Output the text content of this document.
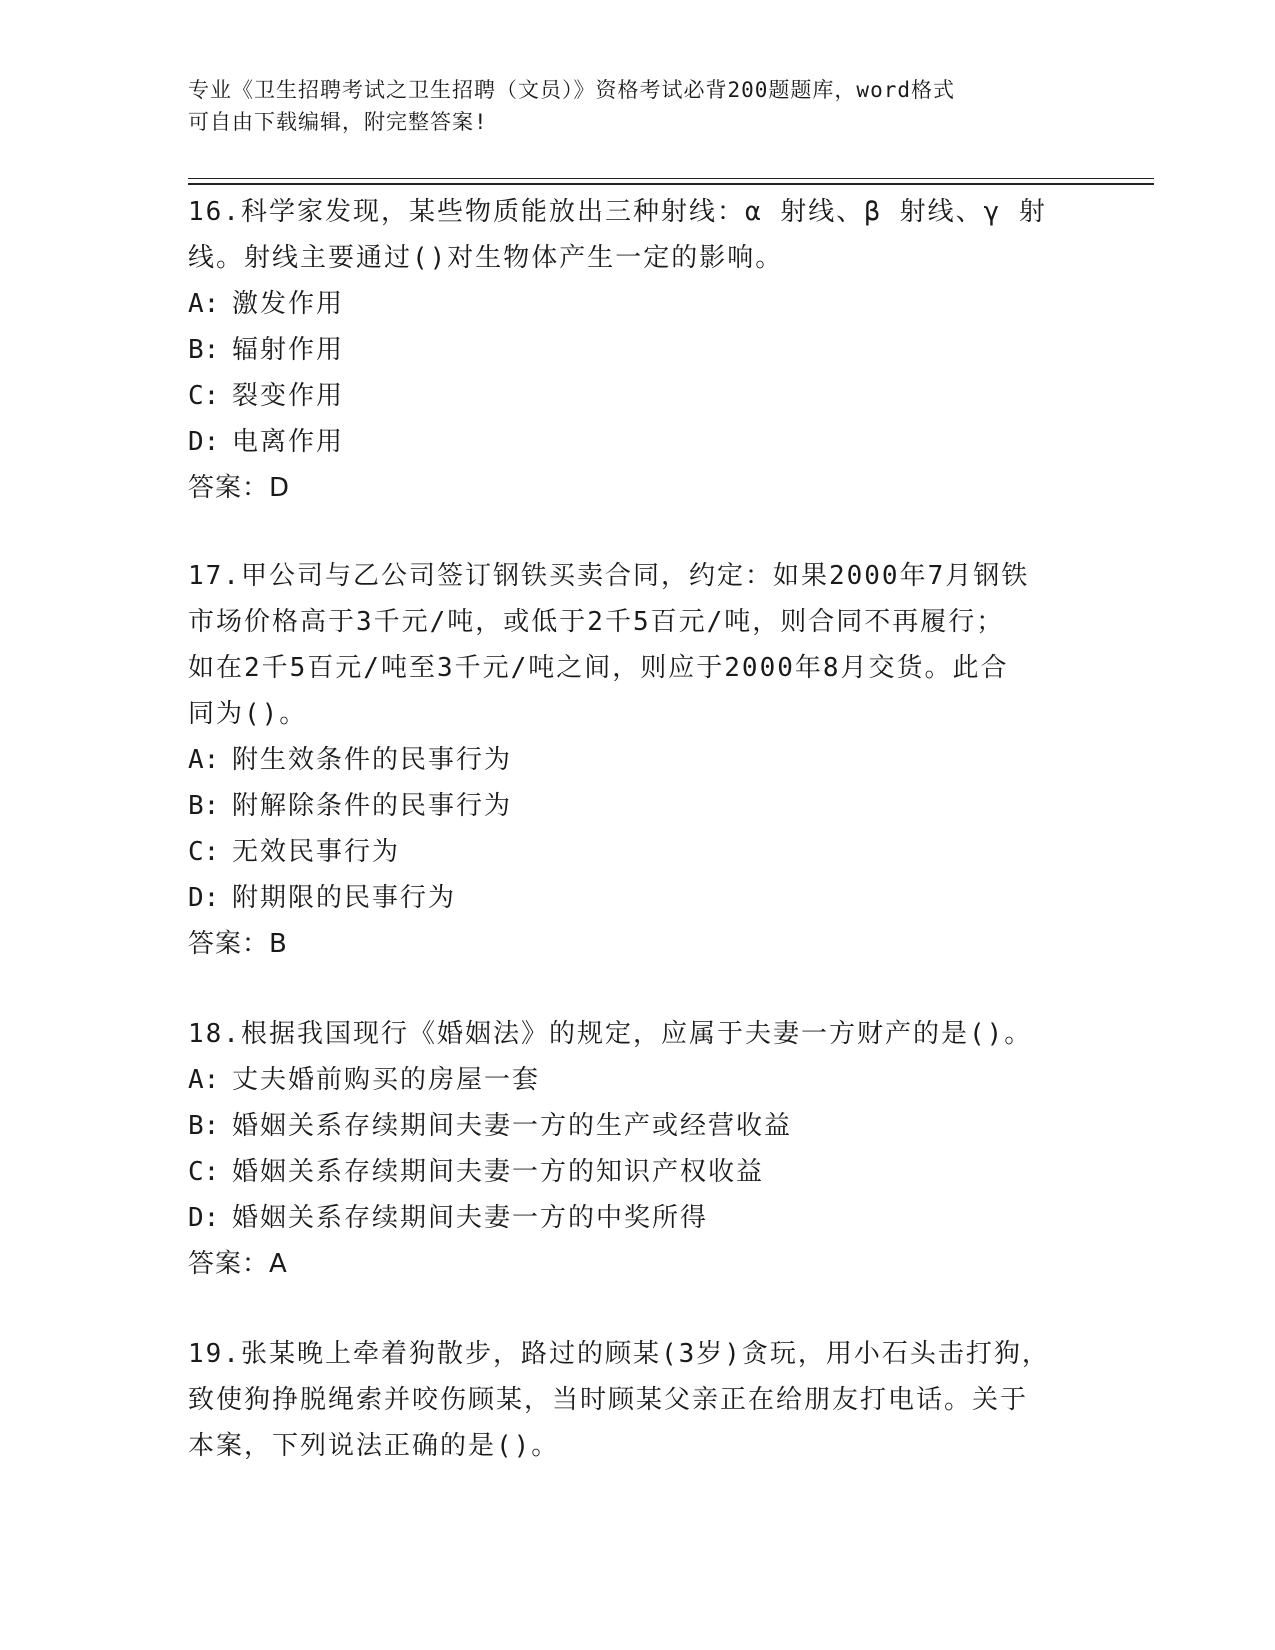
专业《卫生招聘考试之卫生招聘（文员）》资格考试必背200题题库，word格式
可自由下载编辑，附完整答案!
16.科学家发现，某些物质能放出三种射线：α 射线、β 射线、γ 射
线。射线主要通过()对生物体产生一定的影响。
A: 激发作用
B: 辐射作用
C: 裂变作用
D: 电离作用
答案：D
17.甲公司与乙公司签订钢铁买卖合同，约定：如果2000年7月钢铁
市场价格高于3千元/吨，或低于2千5百元/吨，则合同不再履行；
如在2千5百元/吨至3千元/吨之间，则应于2000年8月交货。此合
同为()。
A: 附生效条件的民事行为
B: 附解除条件的民事行为
C: 无效民事行为
D: 附期限的民事行为
答案：B
18.根据我国现行《婚姻法》的规定，应属于夫妻一方财产的是()。
A: 丈夫婚前购买的房屋一套
B: 婚姻关系存续期间夫妻一方的生产或经营收益
C: 婚姻关系存续期间夫妻一方的知识产权收益
D: 婚姻关系存续期间夫妻一方的中奖所得
答案：A
19.张某晚上牵着狗散步，路过的顾某(3岁)贪玩，用小石头击打狗，
致使狗挣脱绳索并咬伤顾某，当时顾某父亲正在给朋友打电话。关于
本案，下列说法正确的是()。
